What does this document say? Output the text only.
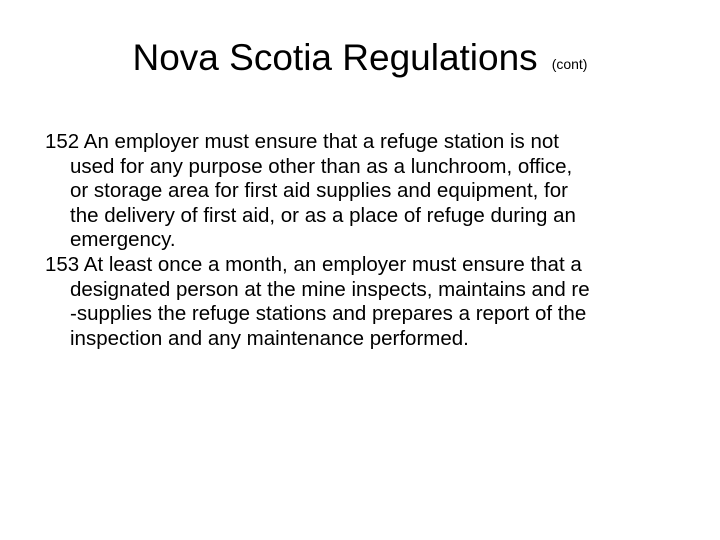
Nova Scotia Regulations (cont)

152 An employer must ensure that a refuge station is not
used for any purpose other than as a lunchroom, office,
or storage area for first aid supplies and equipment, for
the delivery of first aid, or as a place of refuge during an
emergency.

153 At least once a month, an employer must ensure that a
designated person at the mine inspects, maintains and re
-supplies the refuge stations and prepares a report of the
inspection and any maintenance performed.
